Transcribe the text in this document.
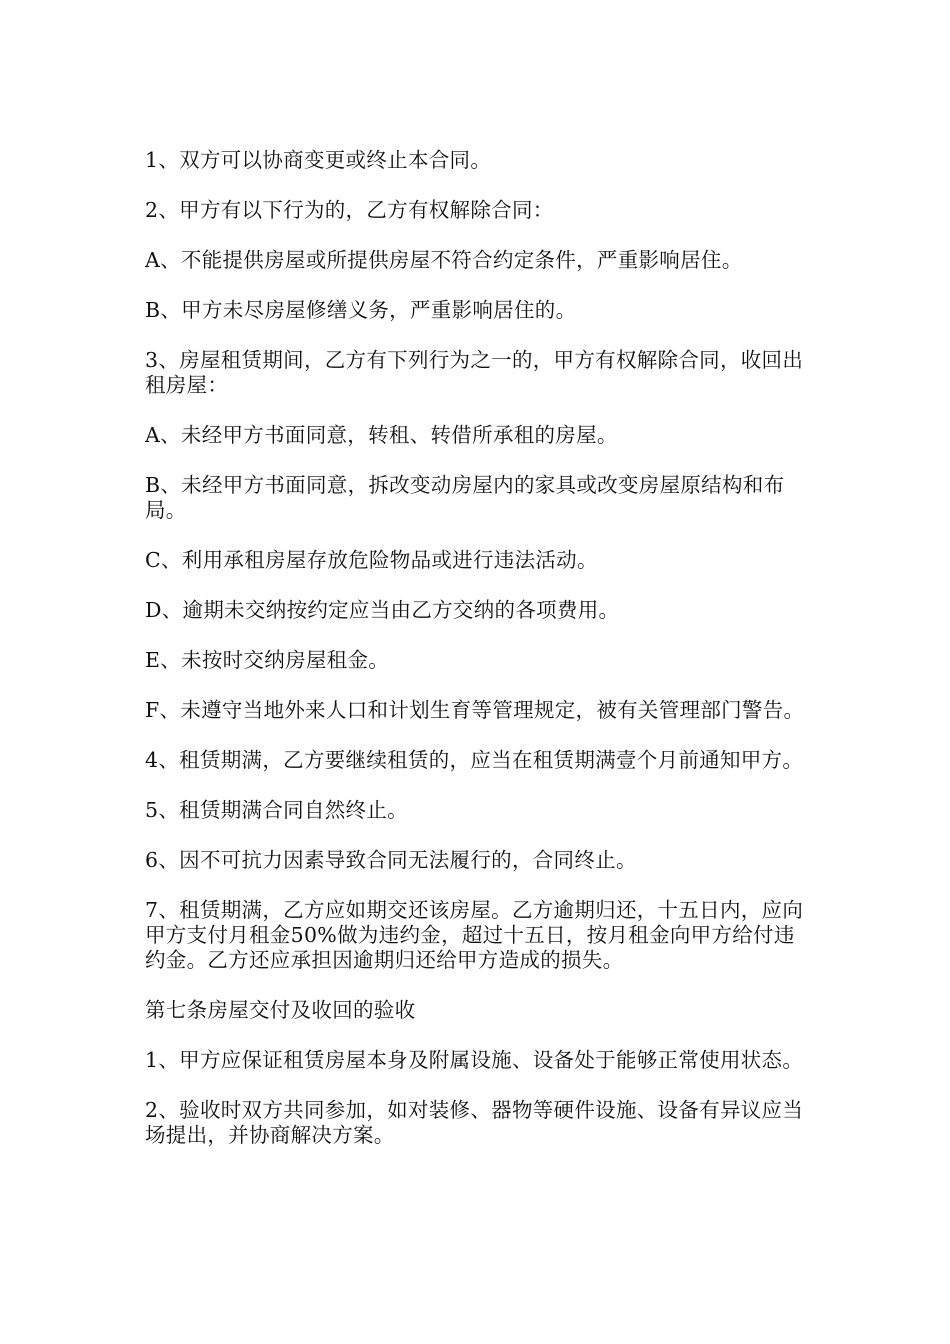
1、双方可以协商变更或终止本合同。

2、甲方有以下行为的，乙方有权解除合同：

A、不能提供房屋或所提供房屋不符合约定条件，严重影响居住。

B、甲方未尽房屋修缮义务，严重影响居住的。

3、房屋租赁期间，乙方有下列行为之一的，甲方有权解除合同，收回出租房屋：

A、未经甲方书面同意，转租、转借所承租的房屋。

B、未经甲方书面同意，拆改变动房屋内的家具或改变房屋原结构和布局。

C、利用承租房屋存放危险物品或进行违法活动。

D、逾期未交纳按约定应当由乙方交纳的各项费用。

E、未按时交纳房屋租金。

F、未遵守当地外来人口和计划生育等管理规定，被有关管理部门警告。

4、租赁期满，乙方要继续租赁的，应当在租赁期满壹个月前通知甲方。

5、租赁期满合同自然终止。

6、因不可抗力因素导致合同无法履行的，合同终止。

7、租赁期满，乙方应如期交还该房屋。乙方逾期归还，十五日内，应向甲方支付月租金50%做为违约金，超过十五日，按月租金向甲方给付违约金。乙方还应承担因逾期归还给甲方造成的损失。

第七条房屋交付及收回的验收

1、甲方应保证租赁房屋本身及附属设施、设备处于能够正常使用状态。

2、验收时双方共同参加，如对装修、器物等硬件设施、设备有异议应当场提出，并协商解决方案。
